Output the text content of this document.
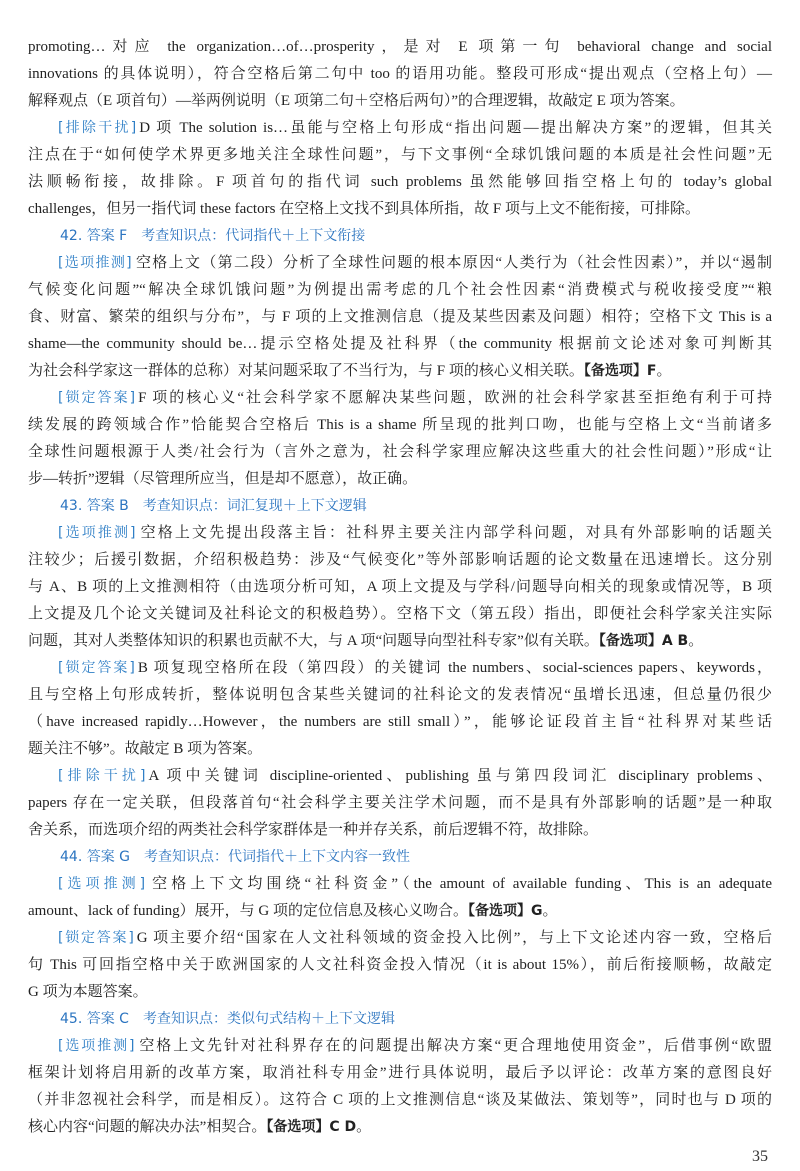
promoting…对应 the organization…of…prosperity，是对 E 项第一句 behavioral change and social
innovations 的具体说明），符合空格后第二句中 too 的语用功能。整段可形成“提出观点（空格上句）—
解释观点（E 项首句）—举两例说明（E 项第二句＋空格后两句）”的合理逻辑，故敲定 E 项为答案。
[排除干扰] D 项 The solution is…虽能与空格上句形成“指出问题—提出解决方案”的逻辑，但其关
注点在于“如何使学术界更多地关注全球性问题”，与下文事例“全球饥饿问题的本质是社会性问题”无
法顺畅衔接，故排除。F 项首句的指代词 such problems 虽然能够回指空格上句的 today’s global
challenges，但另一指代词 these factors 在空格上文找不到具体所指，故 F 项与上文不能衔接，可排除。
42. 答案 F　考查知识点：代词指代＋上下文衔接
[选项推测] 空格上文（第二段）分析了全球性问题的根本原因“人类行为（社会性因素）”，并以“遏制
气候变化问题”“解决全球饥饿问题”为例提出需考虑的几个社会性因素“消费模式与税收接受度”“粮
食、财富、繁荣的组织与分布”，与 F 项的上文推测信息（提及某些因素及问题）相符；空格下文 This is a
shame—the community should be…提示空格处提及社科界（the community 根据前文论述对象可判断其
为社会科学家这一群体的总称）对某问题采取了不当行为，与 F 项的核心义相关联。【备选项】F。
[锁定答案] F 项的核心义“社会科学家不愿解决某些问题，欧洲的社会科学家甚至拒绝有利于可持
续发展的跨领域合作”恰能契合空格后 This is a shame 所呈现的批判口吻，也能与空格上文“当前诸多
全球性问题根源于人类/社会行为（言外之意为，社会科学家理应解决这些重大的社会性问题）”形成“让
步—转折”逻辑（尽管理所应当，但是却不愿意），故正确。
43. 答案 B　考查知识点：词汇复现＋上下文逻辑
[选项推测] 空格上文先提出段落主旨：社科界主要关注内部学科问题，对具有外部影响的话题关
注较少；后援引数据，介绍积极趋势：涉及“气候变化”等外部影响话题的论文数量在迅速增长。这分别
与 A、B 项的上文推测相符（由选项分析可知，A 项上文提及与学科/问题导向相关的现象或情况等，B 项
上文提及几个论文关键词及社科论文的积极趋势）。空格下文（第五段）指出，即便社会科学家关注实际
问题，其对人类整体知识的积累也贡献不大，与 A 项“问题导向型社科专家”似有关联。【备选项】A B。
[锁定答案] B 项复现空格所在段（第四段）的关键词 the numbers、social-sciences papers、keywords，
且与空格上句形成转折，整体说明包含某些关键词的社科论文的发表情况“虽增长迅速，但总量仍很少
（have increased rapidly…However，the numbers are still small）”，能够论证段首主旨“社科界对某些话
题关注不够”。故敲定 B 项为答案。
[排除干扰] A 项中关键词 discipline-oriented、publishing 虽与第四段词汇 disciplinary problems、
papers 存在一定关联，但段落首句“社会科学主要关注学术问题，而不是具有外部影响的话题”是一种取
舍关系，而选项介绍的两类社会科学家群体是一种并存关系，前后逻辑不符，故排除。
44. 答案 G　考查知识点：代词指代＋上下文内容一致性
[选项推测] 空格上下文均围绕“社科资金”（the amount of available funding、This is an adequate
amount、lack of funding）展开，与 G 项的定位信息及核心义吻合。【备选项】G。
[锁定答案] G 项主要介绍“国家在人文社科领域的资金投入比例”，与上下文论述内容一致，空格后
句 This 可回指空格中关于欧洲国家的人文社科资金投入情况（it is about 15%），前后衔接顺畅，故敲定
G 项为本题答案。
45. 答案 C　考查知识点：类似句式结构＋上下文逻辑
[选项推测] 空格上文先针对社科界存在的问题提出解决方案“更合理地使用资金”，后借事例“欧盟
框架计划将启用新的改革方案，取消社科专用金”进行具体说明，最后予以评论：改革方案的意图良好
（并非忽视社会科学，而是相反）。这符合 C 项的上文推测信息“谈及某做法、策划等”，同时也与 D 项的
核心内容“问题的解决办法”相契合。【备选项】C D。
35
